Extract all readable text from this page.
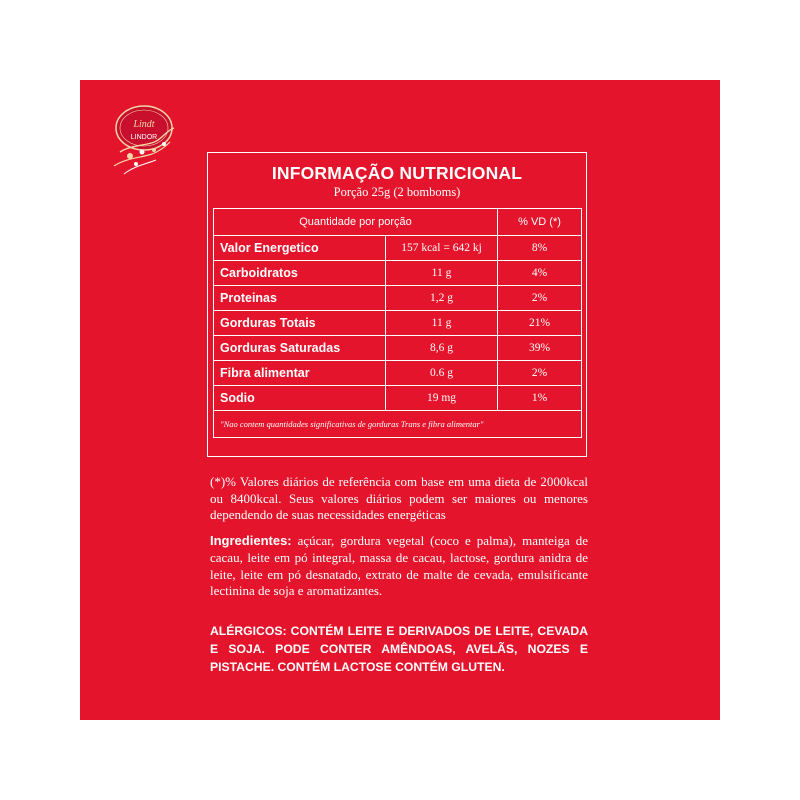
Lindt
LINDOR
INFORMAÇÃO NUTRICIONAL
Porção 25g (2 bomboms)
Quantidade por porção		% VD (*)
Valor Energetico	157 kcal = 642 kj	8%
Carboidratos	11 g	4%
Proteinas	1,2 g	2%
Gorduras Totais	11 g	21%
Gorduras Saturadas	8,6 g	39%
Fibra alimentar	0.6 g	2%
Sodio	19 mg	1%
"Nao contem quantidades significativas de gorduras Trans e fibra alimentar"		
(*)% Valores diários de referência com base em uma dieta de 2000kcal ou 8400kcal. Seus valores diários podem ser maiores ou menores dependendo de suas necessidades energéticas
Ingredientes: açúcar, gordura vegetal (coco e palma), manteiga de cacau, leite em pó integral, massa de cacau, lactose, gordura anidra de leite, leite em pó desnatado, extrato de malte de cevada, emulsificante lectinina de soja e aromatizantes.
ALÉRGICOS: CONTÉM LEITE E DERIVADOS DE LEITE, CEVADA E SOJA. PODE CONTER AMÊNDOAS, AVELÃS, NOZES E PISTACHE. CONTÉM LACTOSE CONTÉM GLUTEN.
